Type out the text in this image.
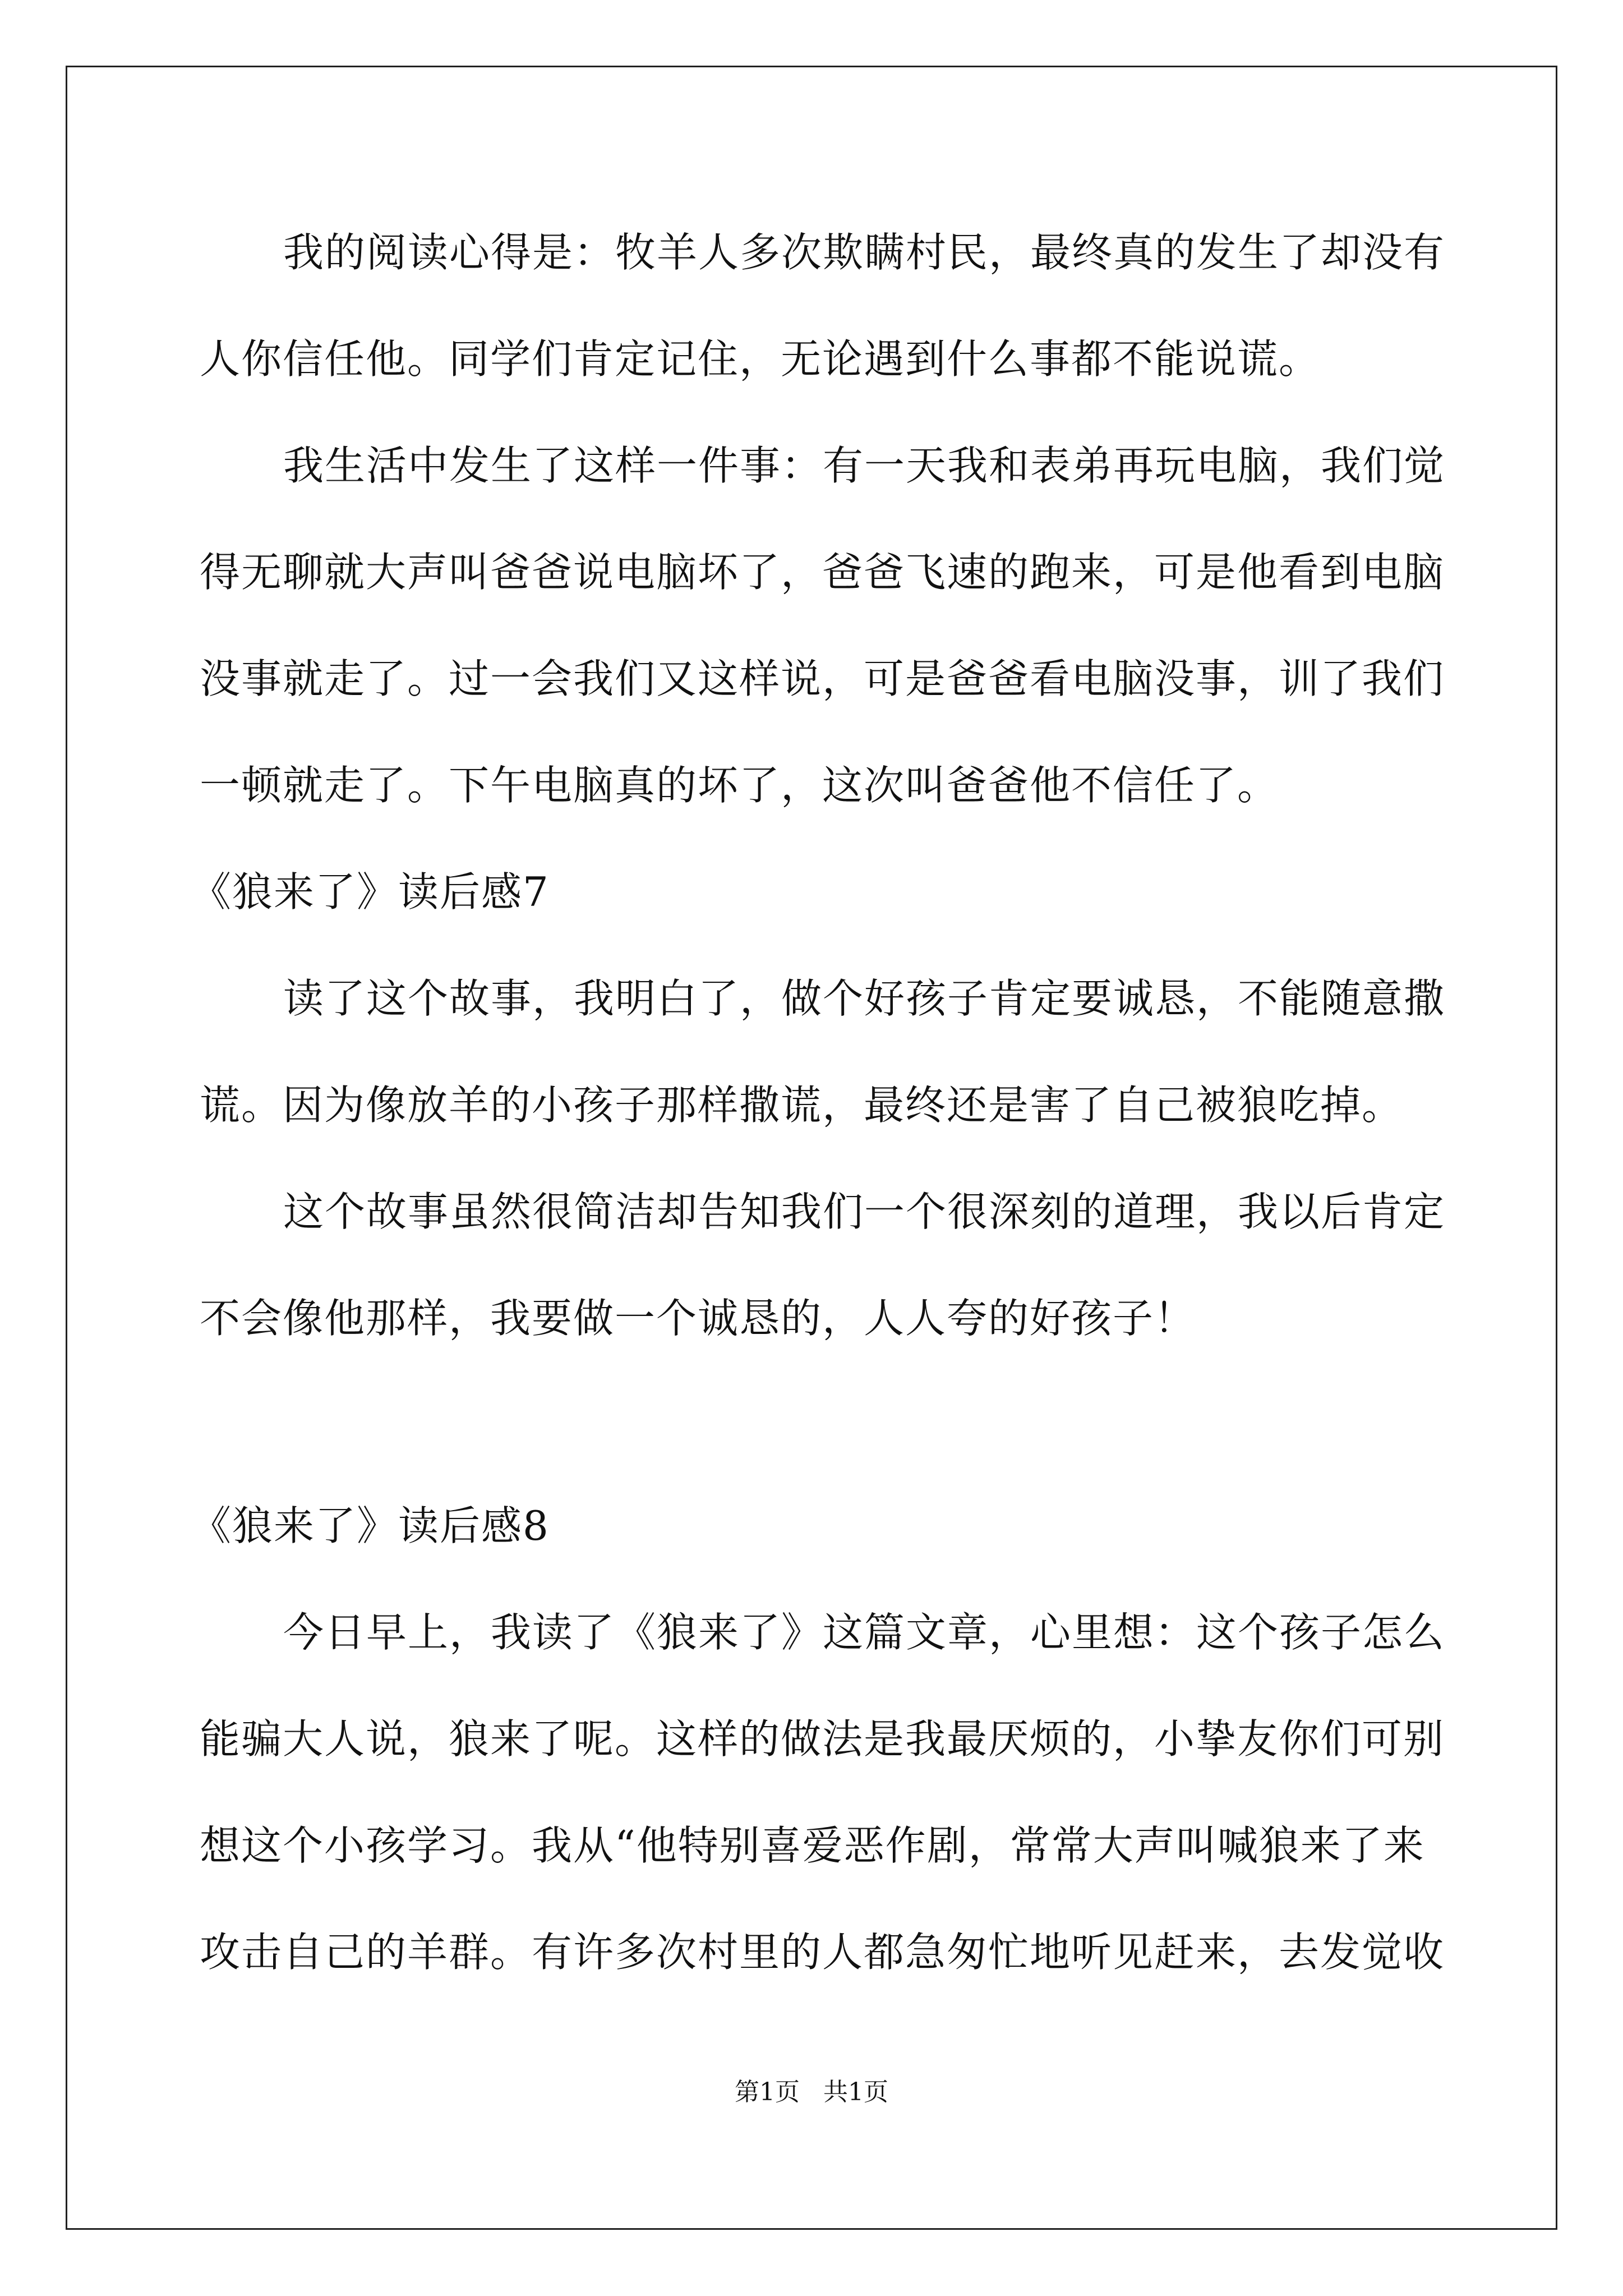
我的阅读心得是：牧羊人多次欺瞒村民，最终真的发生了却没有
人你信任他。同学们肯定记住，无论遇到什么事都不能说谎。
我生活中发生了这样一件事：有一天我和表弟再玩电脑，我们觉
得无聊就大声叫爸爸说电脑坏了，爸爸飞速的跑来，可是他看到电脑
没事就走了。过一会我们又这样说，可是爸爸看电脑没事，训了我们
一顿就走了。下午电脑真的坏了，这次叫爸爸他不信任了。
《狼来了》读后感7
读了这个故事，我明白了，做个好孩子肯定要诚恳，不能随意撒
谎。因为像放羊的小孩子那样撒谎，最终还是害了自己被狼吃掉。
这个故事虽然很简洁却告知我们一个很深刻的道理，我以后肯定
不会像他那样，我要做一个诚恳的，人人夸的好孩子！
《狼来了》读后感8
今日早上，我读了《狼来了》这篇文章，心里想：这个孩子怎么
能骗大人说，狼来了呢。这样的做法是我最厌烦的，小挚友你们可别
想这个小孩学习。我从“他特别喜爱恶作剧，常常大声叫喊狼来了来
攻击自己的羊群。有许多次村里的人都急匆忙地听见赶来，去发觉收
第1页   共1页
